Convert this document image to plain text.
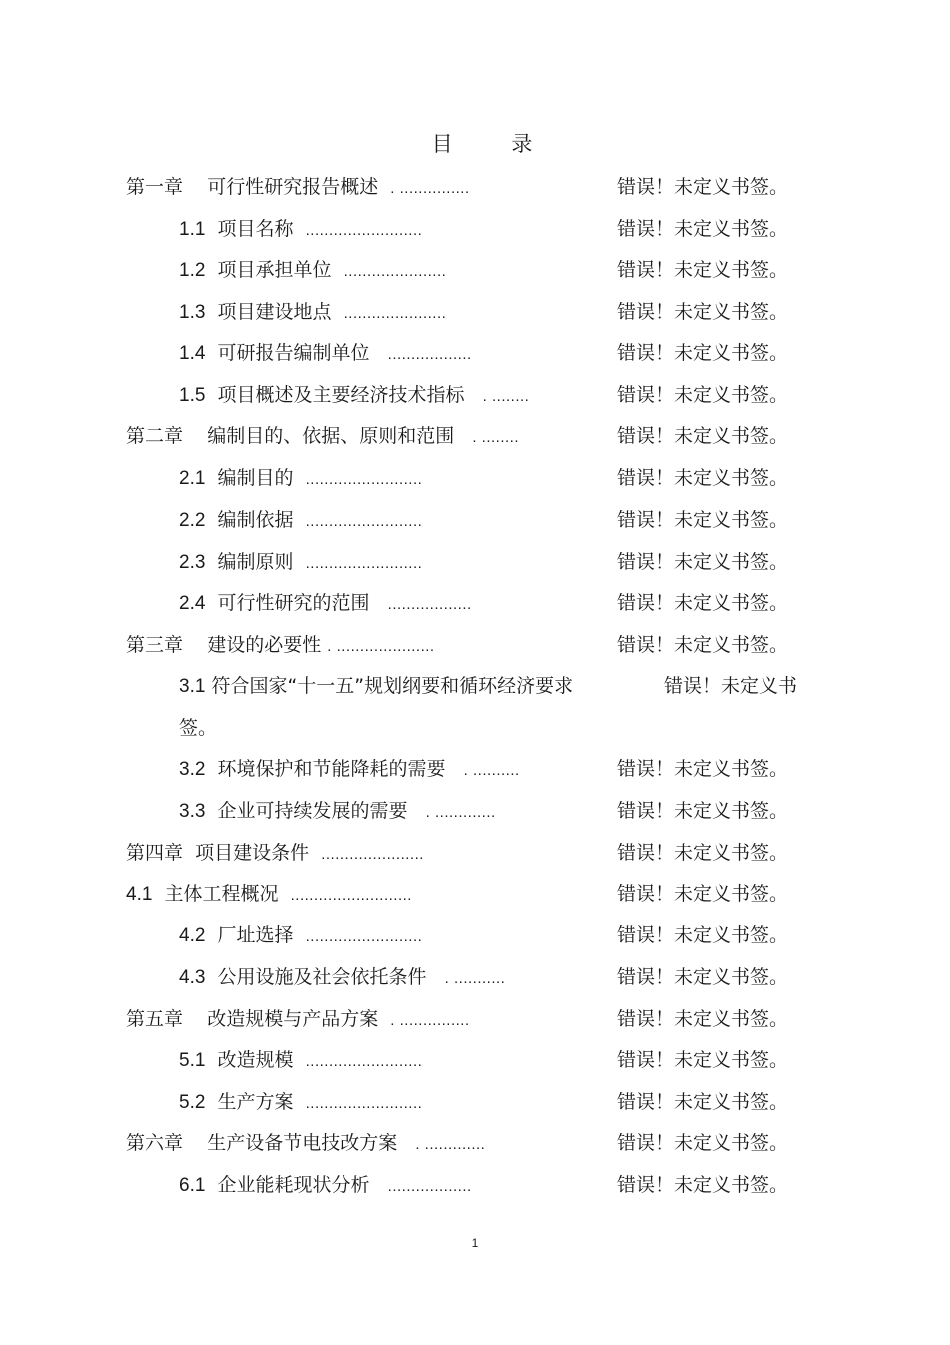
目 录
第一章 可行性研究报告概述 . ...............	错误！未定义书签。
1.1 项目名称 .........................	错误！未定义书签。
1.2 项目承担单位 ......................	错误！未定义书签。
1.3 项目建设地点 ......................	错误！未定义书签。
1.4 可研报告编制单位 ..................	错误！未定义书签。
1.5 项目概述及主要经济技术指标 . ........	错误！未定义书签。
第二章 编制目的、依据、原则和范围 . ........	错误！未定义书签。
2.1 编制目的 .........................	错误！未定义书签。
2.2 编制依据 .........................	错误！未定义书签。
2.3 编制原则 .........................	错误！未定义书签。
2.4 可行性研究的范围 ..................	错误！未定义书签。
第三章 建设的必要性 . .....................	错误！未定义书签。
3.1 符合国家“十一五”规划纲要和循环经济要求	错误！未定义书
签。
3.2 环境保护和节能降耗的需要 . ..........	错误！未定义书签。
3.3 企业可持续发展的需要 . .............	错误！未定义书签。
第四章 项目建设条件 ......................	错误！未定义书签。
4.1 主体工程概况 ..........................	错误！未定义书签。
4.2 厂址选择 .........................	错误！未定义书签。
4.3 公用设施及社会依托条件 . ...........	错误！未定义书签。
第五章 改造规模与产品方案 . ...............	错误！未定义书签。
5.1 改造规模 .........................	错误！未定义书签。
5.2 生产方案 .........................	错误！未定义书签。
第六章 生产设备节电技改方案 . .............	错误！未定义书签。
6.1 企业能耗现状分析 ..................	错误！未定义书签。
1
